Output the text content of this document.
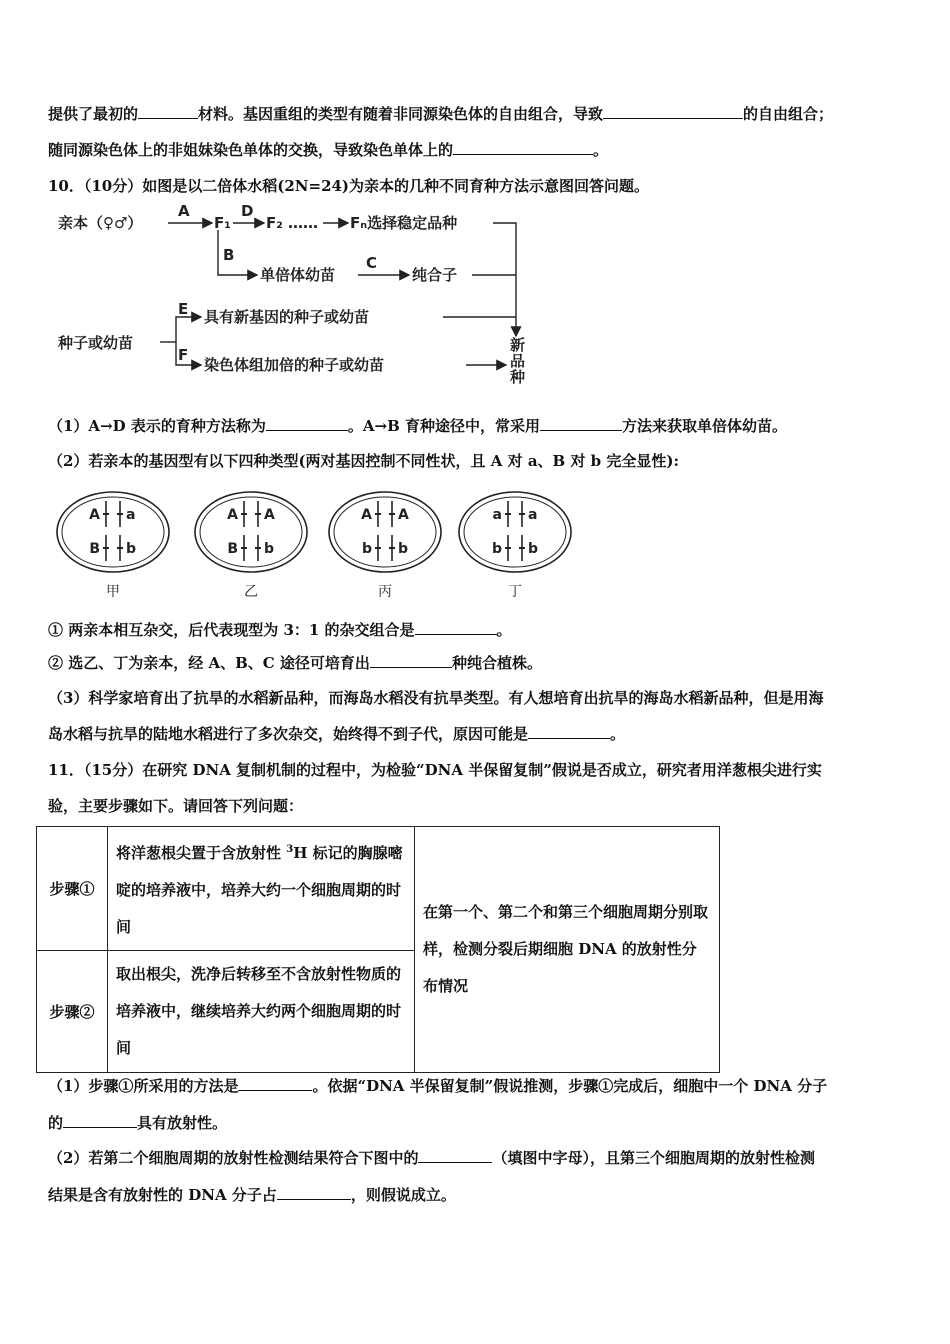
提供了最初的	材料。基因重组的类型有随着非同源染色体的自由组合，导致	的自由组合；
随同源染色体上的非姐妹染色单体的交换，导致染色单体上的	。
10．（10分）如图是以二倍体水稻(2N=24)为亲本的几种不同育种方法示意图回答问题。
亲本（♀♂）
A
F₁
D
F₂ …… Fₙ选择稳定品种
B
单倍体幼苗
C
纯合子
种子或幼苗
E 具有新基因的种子或幼苗
F
染色体组加倍的种子或幼苗
新
品
种
（1）A→D 表示的育种方法称为	。A→B 育种途径中，常采用	方法来获取单倍体幼苗。
（2）若亲本的基因型有以下四种类型(两对基因控制不同性状，且 A 对 a、B 对 b 完全显性):
A a
B b
甲
A A
B b
乙
A A
b b
丙
a a
b b
丁
① 两亲本相互杂交，后代表现型为 3：1 的杂交组合是	。
② 选乙、丁为亲本，经 A、B、C 途径可培育出	种纯合植株。
（3）科学家培育出了抗旱的水稻新品种，而海岛水稻没有抗旱类型。有人想培育出抗旱的海岛水稻新品种，但是用海
岛水稻与抗旱的陆地水稻进行了多次杂交，始终得不到子代，原因可能是	。
11．（15分）在研究 DNA 复制机制的过程中，为检验“DNA 半保留复制”假说是否成立，研究者用洋葱根尖进行实
验，主要步骤如下。请回答下列问题：
步骤①	将洋葱根尖置于含放射性 $^3$H 标记的胸腺嘧啶的培养液中，培养大约一个细胞周期的时间	在第一个、第二个和第三个细胞周期分别取样，检测分裂后期细胞 DNA 的放射性分布情况
步骤②	取出根尖，洗净后转移至不含放射性物质的培养液中，继续培养大约两个细胞周期的时间	
（1）步骤①所采用的方法是	。依据“DNA 半保留复制”假说推测，步骤①完成后，细胞中一个 DNA 分子
的	具有放射性。
（2）若第二个细胞周期的放射性检测结果符合下图中的	（填图中字母），且第三个细胞周期的放射性检测
结果是含有放射性的 DNA 分子占	，则假说成立。
